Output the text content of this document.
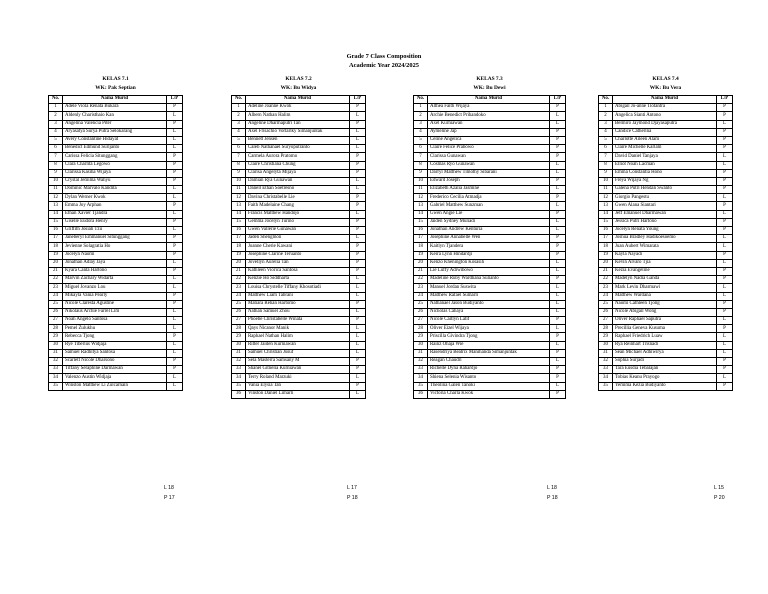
Grade 7 Class Composition
Academic Year 2024/2025
KELAS 7.1
WK: Pak Septian
No.	Nama Murid	L/P
1	Adele Viola Renata Bukara	P
2	Aldenly Charisthaio Kan	L
3	Angelina Valencia Piter	P
4	Aryasatya Surya Putra Selokarang	L
5	Avery Constantine Hidayat	L
6	Benedict Edmund Surijanto	L
7	Carissa Felicia Situnggang	P
8	Clara Charlita Legowo	P
9	Clarissa Kasiha Wijaya	P
10	Crystal Jemima Wahyu	P
11	Dominic Marvalo Kandita	L
12	Dylan Werner Kwok	L
13	Emma Joy Arphan	P
14	Ethan Xavier Tjandra	L
15	Giselle Eudora Henry	P
16	Griffith Josiah Tzu	L
17	Janeberyl Emmanuel Situnggang	P
18	Jevienne Solagratia Ho	P
19	Jocelyn Naomi	P
20	Jonathan Adlay Jaya	L
21	Kyara Canta Hartono	P
22	Marvin Zachary Widarta	L
23	Miguel Jovanzo Lou	L
24	Mikayla Vania Pearly	P
25	Nicole Claresta Agustine	P
26	Nikolaus Archie Farrel Lim	L
27	Noah Angelo Santosa	L
28	Pemel Zulukhu	L
29	Rebecca Tjong	P
30	Rye Tiberius Widjaja	L
31	Samuel Radhitya Santosa	L
32	Scarlett Nicole Dharsono	P
33	Tiffany Seraphine Darmawan	P
34	Valenzo Austin Widjaja	L
35	Winston Matthew Li Zulcarnain	L
L 18
P 17
KELAS 7.2
WK: Bu Widya
No.	Nama Murid	L/P
1	Adeline Joanne Kwok	P
2	Albern Nathan Halim	L
3	Angeline Dharmaputri Tan	P
4	Axel Frisachio Vortarlky Simanjuntak	L
5	Bennett Jensen	L
6	Caleb Nathanael Suryoputranto	L
7	Carmela Aurora Pratomo	P
8	Claire Christiana Chung	P
9	Clarisa Angelyta Mijaya	P
10	Damian Rya Gunawan	L
11	Danell Ethan Soetresno	L
12	Davina Christabelle Lie	P
13	Faith Madelaine Chang	P
14	Francis Matthew Handojo	L
15	Gemma Jocelyn Turino	P
16	Gwen Vallerie Gunawan	P
17	Jaden Shengmon	L
18	Joanne Cherie Kawani	P
19	Josephine Clarine Teruanto	P
20	Jovellyn Aurelia Tan	P
21	Kathleen Viorica Santosa	P
22	Kenzie Ho Siddharta	L
23	Louisa Chrystelle Tiffany Khosotiadi	L
24	Matthew Liam Tabrani	L
25	Matiara Rehan Hartomo	P
26	Nathan Samuel Zhou	L
27	Phoebe Christabelle Winata	P
28	Qays Nicanor Manik	L
29	Raphael Nathan Halim	L
30	Ritter Jaiden Kurniawan	L
31	Samuel Christian Jusuf	L
32	Sela Masterra Samsany M	P
33	Shanel Gitnelia Kurniawan	P
34	Terry Roland Marzuki	L
35	Vania Elysia Tan	P
36	Vinston Daniel Limarli	L
L 17
P 18
KELAS 7.3
WK: Bu Dewi
No.	Nama Murid	L/P
1	Althea Faith Wijaya	P
2	Archie Benedict Prihandoko	L
3	Axel Kurniawan	L
4	Aymeline Jap	P
5	Celine Angelica	P
6	Claire Felice Prabowo	P
7	Clarissa Gunawan	P
8	Cosmas Ryo Gunawan	L
9	Darryl Matthew Timothy Sibarani	L
10	Edward Joseph	P
11	Elizabeth Azalia Jasmine	L
12	Frederico Cecilia Atmadja	P
13	Gabriel Matthew Sunzman	L
14	Gwen Angie Lie	P
15	Jaiden Sydney Muliadi	L
16	Jonathan Andrew Kenturia	L
17	Josephine Annabelle Wen	P
18	Kaitlyn Tjandera	P
19	Keira Lynn Hindardji	P
20	Kenzo Khenington Kosasih	L
21	Lie Luffy Adiwibowo	L
22	Madeline Ruby Wardhana Sulianto	P
23	Manuel Jordan Suswita	L
24	Matthew Rafael Sumarli	L
25	Nathanael Jason Budiyanto	L
26	Nicholas Cahaya	L
27	Nicole Caitlyn Latif	P
28	Oliver Eizel Wijaya	L
29	Priscilla Givindra Tjong	P
30	Rainz Ohaja Wie	L
31	Rasendriya Beatrix Manihanda Simanjuntak	P
32	Reagan Chaudri	L
33	Richelle Dyna Rahardjo	P
34	Shiena Selenia Wisanto	P
35	Theolina Galen Tanoki	L
36	Victoria Charla Kwok	P
L 18
P 18
KELAS 7.4
WK: Bu Vera
No.	Nama Murid	L/P
1	Abigail Jo-anne Tiotantra	P
2	Angelica Sianti Antono	P
3	Belmiro Jaymond Djayasaputra	L
4	Candice Catherina	P
5	Charlotte Aileen Alam	P
6	Claire Michelle Karlam	P
7	David Daniel Tanjaya	L
8	Elliot Noah Lacman	L
9	Emma Constantia Hono	P
10	Freya Wijaya Ng	P
11	Galena Putri Hendan Swanto	P
12	Giorgio Pangestu	L
13	Gwen Alana Siantari	P
14	Jeff Emanuel Dharmawan	L
15	Jessica Putri Hartono	P
16	Jocelyn Renata Young	P
17	Joshua Bradley Hadikoesoemo	L
18	Juan Aubert Wimarata	L
19	Kayla Nayadi	P
20	Kevin Alvaro Tjia	L
21	Kezia Evangeline	P
22	Madelyn Nadia Ganda	P
23	Mark Levin Dharmawi	L
24	Matthew Wardana	L
25	Naomi Cathleen Tjong	P
26	Nicole Abigail Wong	P
27	Oliver Raphael Saputra	L
28	Precillia Geneva Kusuma	P
29	Raphael Friedrich Luaw	L
30	Rya Reinhart Trisnadi	L
31	Sean Michael Adhiwirya	L
32	Sophia Surjadi	P
33	Tara Eusdia Tebalajan	P
34	Tobias Keanu Prayogo	L
35	Yemima Kezia Budiyanto	P
L 15
P 20
